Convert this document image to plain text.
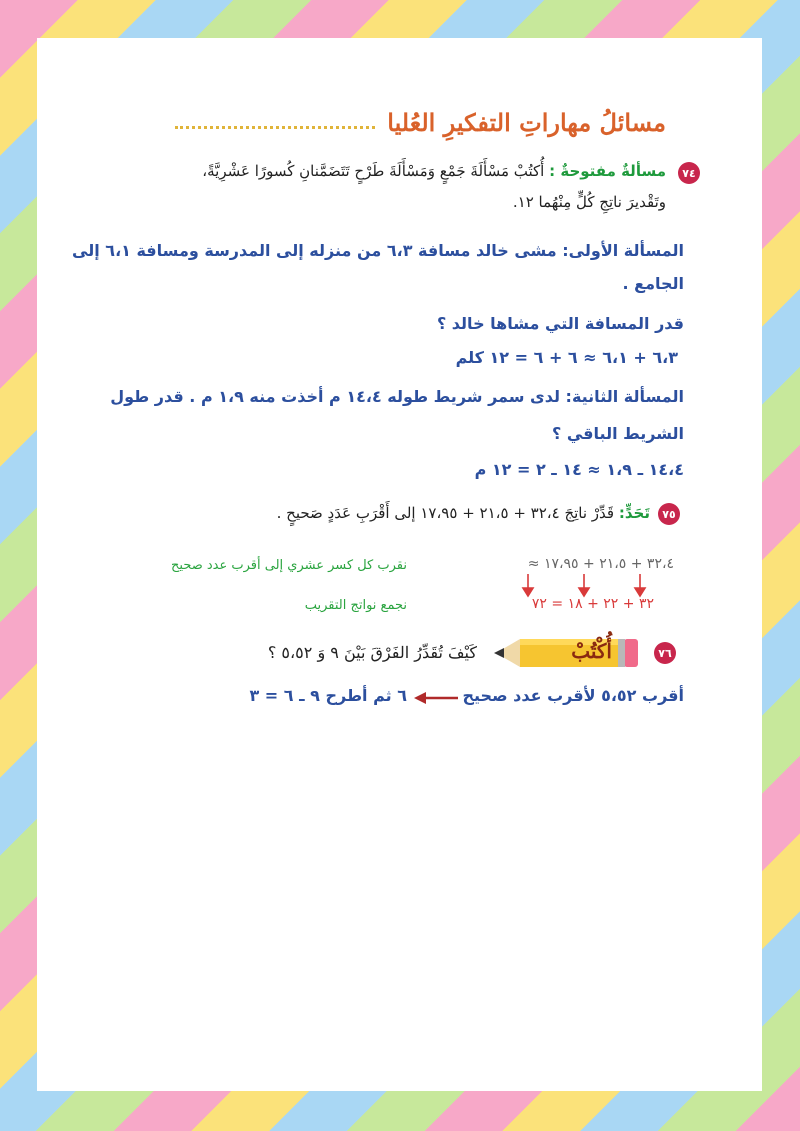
مسائلُ مهاراتِ التفكيرِ العُليا
٧٤
مسألةٌ مفتوحةٌ : أُكتُبْ مَسْأَلَةَ جَمْعٍ وَمَسْأَلَةَ طَرْحٍ تَتَضَمَّنانِ كُسورًا عَشْرِيَّةً،
وتَقْديرَ ناتِجِ كُلٍّ مِنْهُما ١٢.
المسألة الأولى: مشى خالد مسافة ٦،٣ من منزله إلى المدرسة ومسافة ٦،١ إلى
الجامع .
قدر المسافة التي مشاها خالد ؟
٦،٣ + ٦،١ ≈ ٦ + ٦ = ١٢ كلم
المسألة الثانية: لدى سمر شريط طوله ١٤،٤ م أخذت منه ١،٩ م . قدر طول
الشريط الباقي ؟
١٤،٤ ـ ١،٩ ≈ ١٤ ـ ٢ = ١٢ م
٧٥
تَحَدٍّ: قَدِّرْ ناتِجَ ٣٢،٤ + ٢١،٥ + ١٧،٩٥ إلى أَقْرَبِ عَدَدٍ صَحيحٍ .
نقرب كل كسر عشري إلى أقرب عدد صحيح	٣٢،٤ + ٢١،٥ + ١٧،٩٥ ≈
نجمع نواتج التقريب	٣٢ + ٢٢ + ١٨ = ٧٢
٧٦
أُكْتُبْ
كَيْفَ تُقَدِّرُ الفَرْقَ بَيْنَ ٩ وَ ٥،٥٢ ؟
أقرب ٥،٥٢ لأقرب عدد صحيح
٦ ثم أطرح ٩ ـ ٦ = ٣
